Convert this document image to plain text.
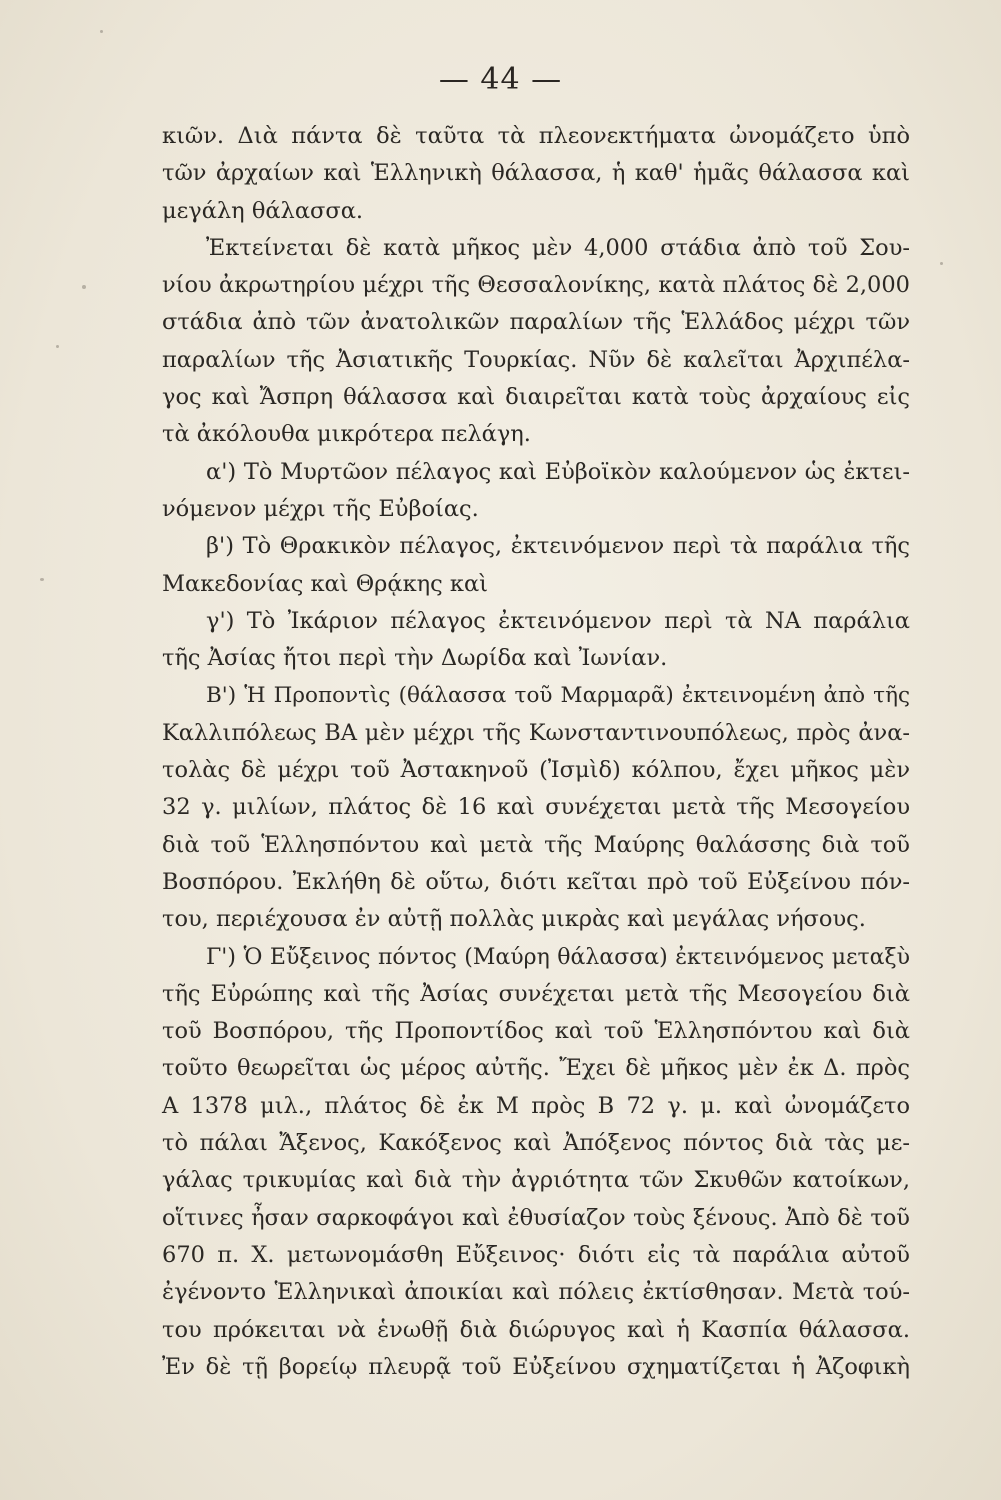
— 44 —
κιῶν. Διὰ πάντα δὲ ταῦτα τὰ πλεονεκτήματα ὠνομάζετο ὑπὸ
τῶν ἀρχαίων καὶ Ἑλληνικὴ θάλασσα, ἡ καθ' ἡμᾶς θάλασσα καὶ
μεγάλη θάλασσα.
Ἐκτείνεται δὲ κατὰ μῆκος μὲν 4,000 στάδια ἀπὸ τοῦ Σου-
νίου ἀκρωτηρίου μέχρι τῆς Θεσσαλονίκης, κατὰ πλάτος δὲ 2,000
στάδια ἀπὸ τῶν ἀνατολικῶν παραλίων τῆς Ἑλλάδος μέχρι τῶν
παραλίων τῆς Ἀσιατικῆς Τουρκίας. Νῦν δὲ καλεῖται Ἀρχιπέλα-
γος καὶ Ἄσπρη θάλασσα καὶ διαιρεῖται κατὰ τοὺς ἀρχαίους εἰς
τὰ ἀκόλουθα μικρότερα πελάγη.
α') Τὸ Μυρτῶον πέλαγος καὶ Εὐβοϊκὸν καλούμενον ὡς ἐκτει-
νόμενον μέχρι τῆς Εὐβοίας.
β') Τὸ Θρακικὸν πέλαγος, ἐκτεινόμενον περὶ τὰ παράλια τῆς
Μακεδονίας καὶ Θρᾴκης καὶ
γ') Τὸ Ἰκάριον πέλαγος ἐκτεινόμενον περὶ τὰ ΝΑ παράλια
τῆς Ἀσίας ἤτοι περὶ τὴν Δωρίδα καὶ Ἰωνίαν.
Β') Ἡ Προποντὶς (θάλασσα τοῦ Μαρμαρᾶ) ἐκτεινομένη ἀπὸ τῆς
Καλλιπόλεως ΒΑ μὲν μέχρι τῆς Κωνσταντινουπόλεως, πρὸς ἀνα-
τολὰς δὲ μέχρι τοῦ Ἀστακηνοῦ (Ἰσμὶδ) κόλπου, ἔχει μῆκος μὲν
32 γ. μιλίων, πλάτος δὲ 16 καὶ συνέχεται μετὰ τῆς Μεσογείου
διὰ τοῦ Ἑλλησπόντου καὶ μετὰ τῆς Μαύρης θαλάσσης διὰ τοῦ
Βοσπόρου. Ἐκλήθη δὲ οὕτω, διότι κεῖται πρὸ τοῦ Εὐξείνου πόν-
του, περιέχουσα ἐν αὐτῇ πολλὰς μικρὰς καὶ μεγάλας νήσους.
Γ') Ὁ Εὔξεινος πόντος (Μαύρη θάλασσα) ἐκτεινόμενος μεταξὺ
τῆς Εὐρώπης καὶ τῆς Ἀσίας συνέχεται μετὰ τῆς Μεσογείου διὰ
τοῦ Βοσπόρου, τῆς Προποντίδος καὶ τοῦ Ἑλλησπόντου καὶ διὰ
τοῦτο θεωρεῖται ὡς μέρος αὐτῆς. Ἔχει δὲ μῆκος μὲν ἐκ Δ. πρὸς
Α 1378 μιλ., πλάτος δὲ ἐκ Μ πρὸς Β 72 γ. μ. καὶ ὠνομάζετο
τὸ πάλαι Ἄξενος, Κακόξενος καὶ Ἀπόξενος πόντος διὰ τὰς με-
γάλας τρικυμίας καὶ διὰ τὴν ἀγριότητα τῶν Σκυθῶν κατοίκων,
οἵτινες ἦσαν σαρκοφάγοι καὶ ἐθυσίαζον τοὺς ξένους. Ἀπὸ δὲ τοῦ
670 π. Χ. μετωνομάσθη Εὔξεινος· διότι εἰς τὰ παράλια αὐτοῦ
ἐγένοντο Ἑλληνικαὶ ἀποικίαι καὶ πόλεις ἐκτίσθησαν. Μετὰ τού-
του πρόκειται νὰ ἑνωθῇ διὰ διώρυγος καὶ ἡ Κασπία θάλασσα.
Ἐν δὲ τῇ βορείῳ πλευρᾷ τοῦ Εὐξείνου σχηματίζεται ἡ Ἀζοφικὴ
